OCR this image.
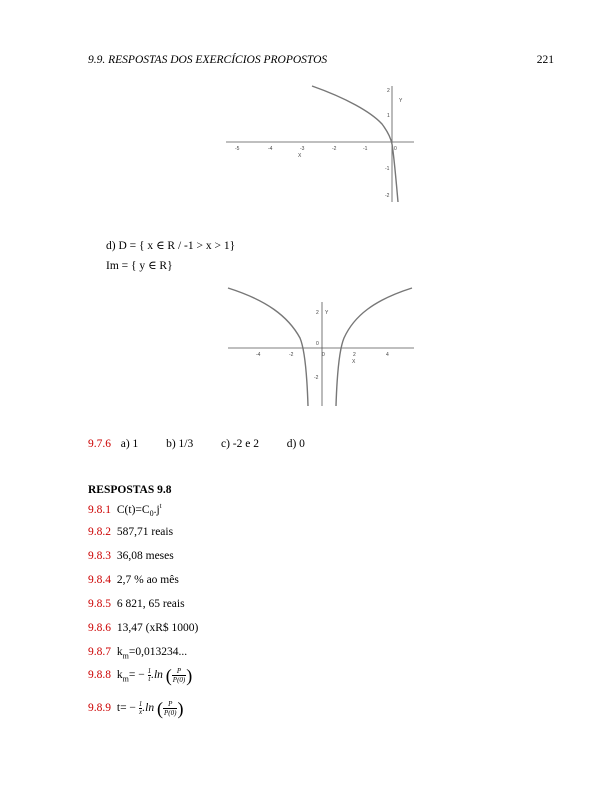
9.9. RESPOSTAS DOS EXERCÍCIOS PROPOSTOS	221
-5	-4	-3	-2	-1	0
X
2
1
-1
-2
Y
d) D = { x ∈ R / -1 > x > 1}
Im = { y ∈ R}
-4	-2	0	2	4
X
2
0
-2
Y
9.7.6 a) 1 b) 1/3 c) -2 e 2 d) 0
RESPOSTAS 9.8
9.8.1 $C(t)=C_0.j^t$
9.8.2 587,71 reais
9.8.3 36,08 meses
9.8.4 2,7 % ao mês
9.8.5 6 821, 65 reais
9.8.6 13,47 (xR$ 1000)
9.8.7 $k_m=0,013234$...
9.8.8 $k_m= - \frac{1}{t}.\ln$ ( $\frac{P}{P(0)}$ )
9.8.9 $t= - \frac{1}{x}.\ln$ ( $\frac{P}{P(0)}$ )
